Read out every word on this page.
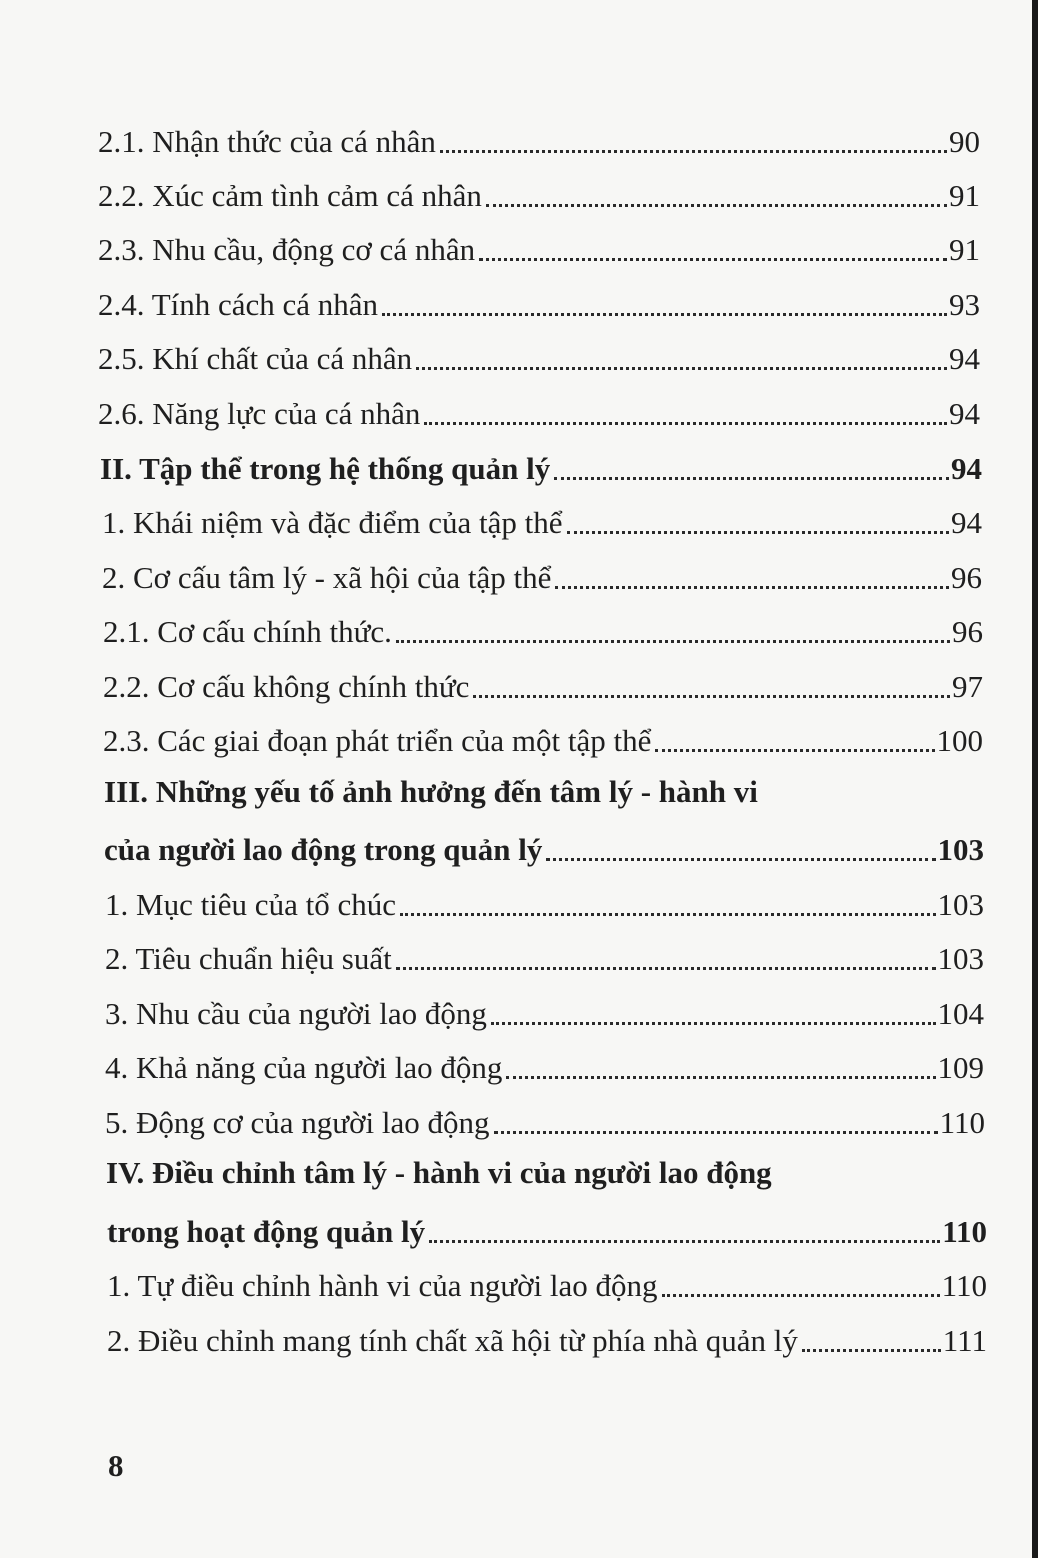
2.1. Nhận thức của cá nhân	90
2.2. Xúc cảm tình cảm cá nhân	91
2.3. Nhu cầu, động cơ cá nhân	91
2.4. Tính cách cá nhân	93
2.5. Khí chất của cá nhân	94
2.6. Năng lực của cá nhân	94
II. Tập thể trong hệ thống quản lý	94
1. Khái niệm và đặc điểm của tập thể	94
2. Cơ cấu tâm lý - xã hội của tập thể	96
2.1. Cơ cấu chính thức.	96
2.2. Cơ cấu không chính thức	97
2.3. Các giai đoạn phát triển của một tập thể	100
III. Những yếu tố ảnh hưởng đến tâm lý - hành vi
của người lao động trong quản lý	103
1. Mục tiêu của tổ chúc	103
2. Tiêu chuẩn hiệu suất	103
3. Nhu cầu của người lao động	104
4. Khả năng của người lao động	109
5. Động cơ của người lao động	110
IV. Điều chỉnh tâm lý - hành vi của người lao động
trong hoạt động quản lý	110
1. Tự điều chỉnh hành vi của người lao động	110
2. Điều chỉnh mang tính chất xã hội từ phía nhà quản lý	111
8
